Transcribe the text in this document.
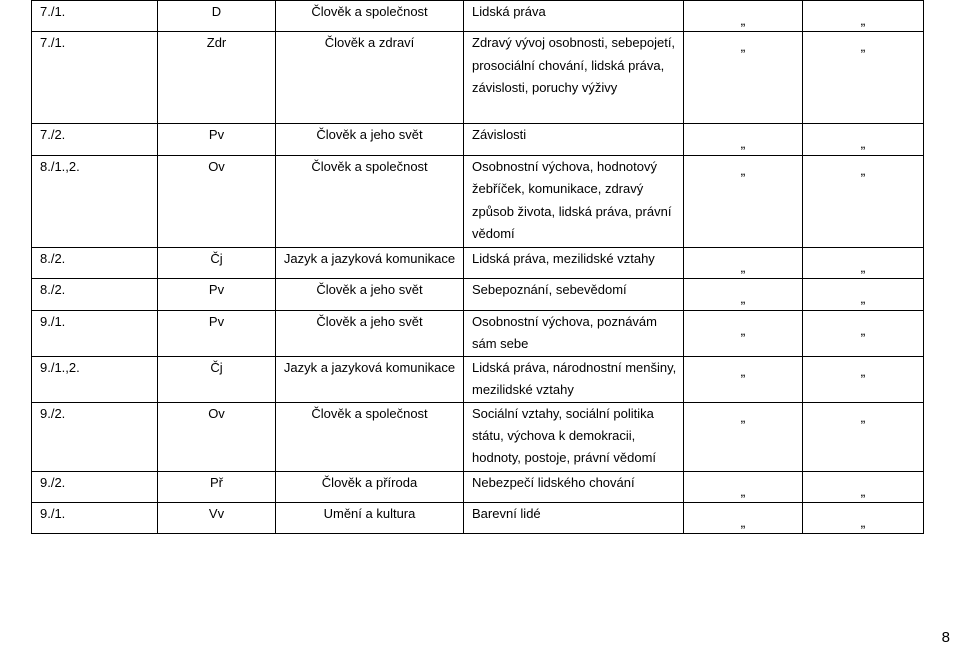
7./1.	D	Člověk a společnost	Lidská práva	„	„

7./1.	Zdr	Člověk a zdraví	Zdravý vývoj osobnosti, sebepojetí, prosociální chování, lidská práva, závislosti, poruchy výživy	„	„

7./2.	Pv	Člověk a jeho svět	Závislosti	„	„

8./1.,2.	Ov	Člověk a společnost	Osobnostní výchova, hodnotový žebříček, komunikace, zdravý způsob života, lidská práva, právní vědomí	„	„

8./2.	Čj	Jazyk a jazyková komunikace	Lidská práva, mezilidské vztahy	„	„

8./2.	Pv	Člověk a jeho svět	Sebepoznání, sebevědomí	„	„

9./1.	Pv	Člověk a jeho svět	Osobnostní výchova, poznávám sám sebe	„	„

9./1.,2.	Čj	Jazyk a jazyková komunikace	Lidská práva, národnostní menšiny, mezilidské vztahy	„	„

9./2.	Ov	Člověk a společnost	Sociální vztahy, sociální politika státu, výchova k demokracii, hodnoty, postoje, právní vědomí	„	„

9./2.	Př	Člověk a příroda	Nebezpečí lidského chování	„	„

9./1.	Vv	Umění a kultura	Barevní lidé	„	„
8
